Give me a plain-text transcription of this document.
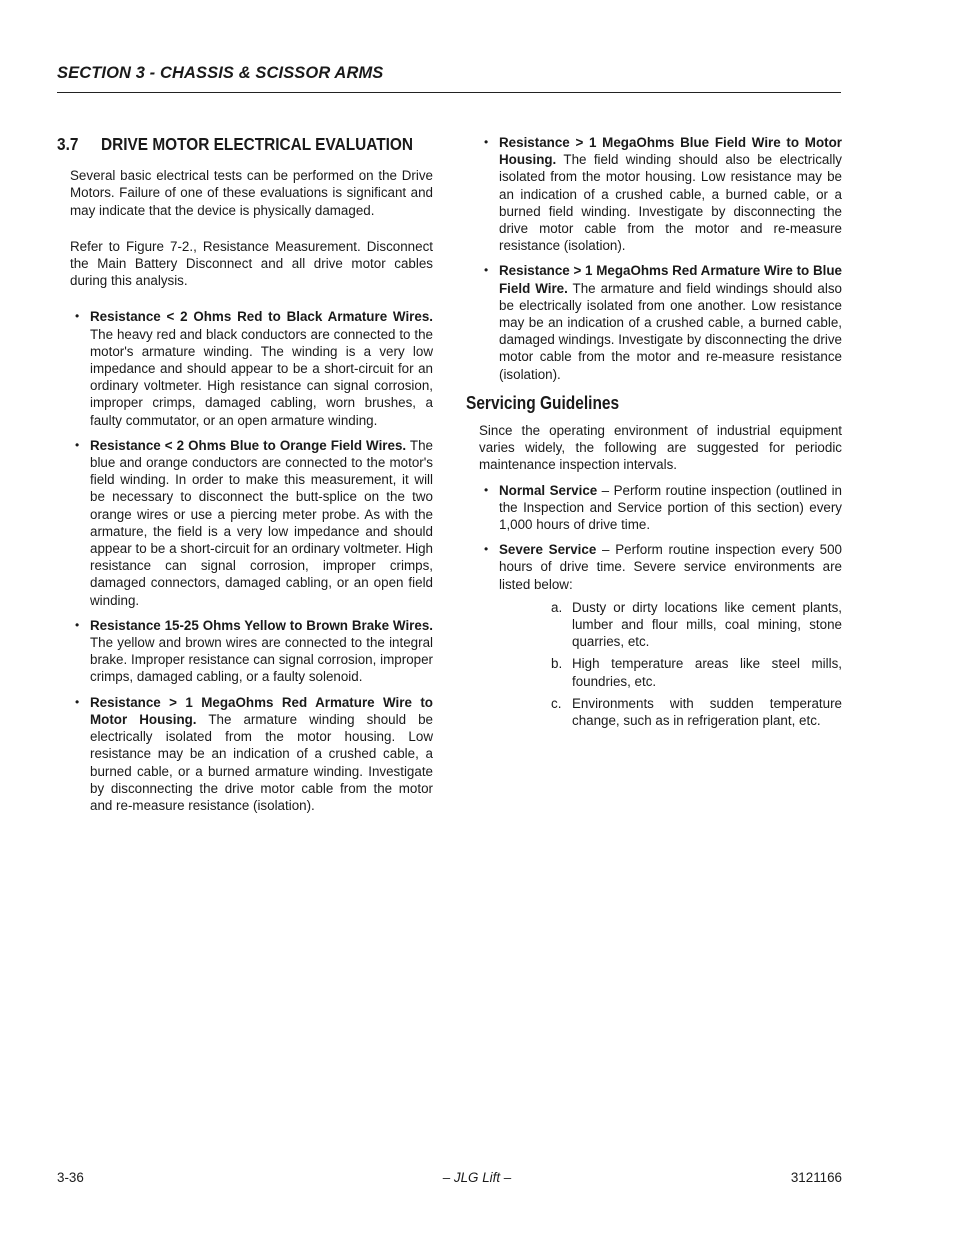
SECTION 3 - CHASSIS & SCISSOR ARMS
3.7 DRIVE MOTOR ELECTRICAL EVALUATION

Several basic electrical tests can be performed on the Drive Motors. Failure of one of these evaluations is significant and may indicate that the device is physically damaged.

Refer to Figure 7-2., Resistance Measurement. Disconnect the Main Battery Disconnect and all drive motor cables during this analysis.

• Resistance < 2 Ohms Red to Black Armature Wires. The heavy red and black conductors are connected to the motor's armature winding. The winding is a very low impedance and should appear to be a short-circuit for an ordinary voltmeter. High resistance can signal corrosion, improper crimps, damaged cabling, worn brushes, a faulty commutator, or an open armature winding.
• Resistance < 2 Ohms Blue to Orange Field Wires. The blue and orange conductors are connected to the motor's field winding. In order to make this measurement, it will be necessary to disconnect the butt-splice on the two orange wires or use a piercing meter probe. As with the armature, the field is a very low impedance and should appear to be a short-circuit for an ordinary voltmeter. High resistance can signal corrosion, improper crimps, damaged connectors, damaged cabling, or an open field winding.
• Resistance 15-25 Ohms Yellow to Brown Brake Wires. The yellow and brown wires are connected to the integral brake. Improper resistance can signal corrosion, improper crimps, damaged cabling, or a faulty solenoid.
• Resistance > 1 MegaOhms Red Armature Wire to Motor Housing. The armature winding should be electrically isolated from the motor housing. Low resistance may be an indication of a crushed cable, a burned cable, or a burned armature winding. Investigate by disconnecting the drive motor cable from the motor and re-measure resistance (isolation).
• Resistance > 1 MegaOhms Blue Field Wire to Motor Housing. The field winding should also be electrically isolated from the motor housing. Low resistance may be an indication of a crushed cable, a burned cable, or a burned field winding. Investigate by disconnecting the drive motor cable from the motor and re-measure resistance (isolation).
• Resistance > 1 MegaOhms Red Armature Wire to Blue Field Wire. The armature and field windings should also be electrically isolated from one another. Low resistance may be an indication of a crushed cable, a burned cable, damaged windings. Investigate by disconnecting the drive motor cable from the motor and re-measure resistance (isolation).
Servicing Guidelines

Since the operating environment of industrial equipment varies widely, the following are suggested for periodic maintenance inspection intervals.

• Normal Service – Perform routine inspection (outlined in the Inspection and Service portion of this section) every 1,000 hours of drive time.
• Severe Service – Perform routine inspection every 500 hours of drive time. Severe service environments are listed below:
a. Dusty or dirty locations like cement plants, lumber and flour mills, coal mining, stone quarries, etc.
b. High temperature areas like steel mills, foundries, etc.
c. Environments with sudden temperature change, such as in refrigeration plant, etc.
3-36	– JLG Lift –	3121166
